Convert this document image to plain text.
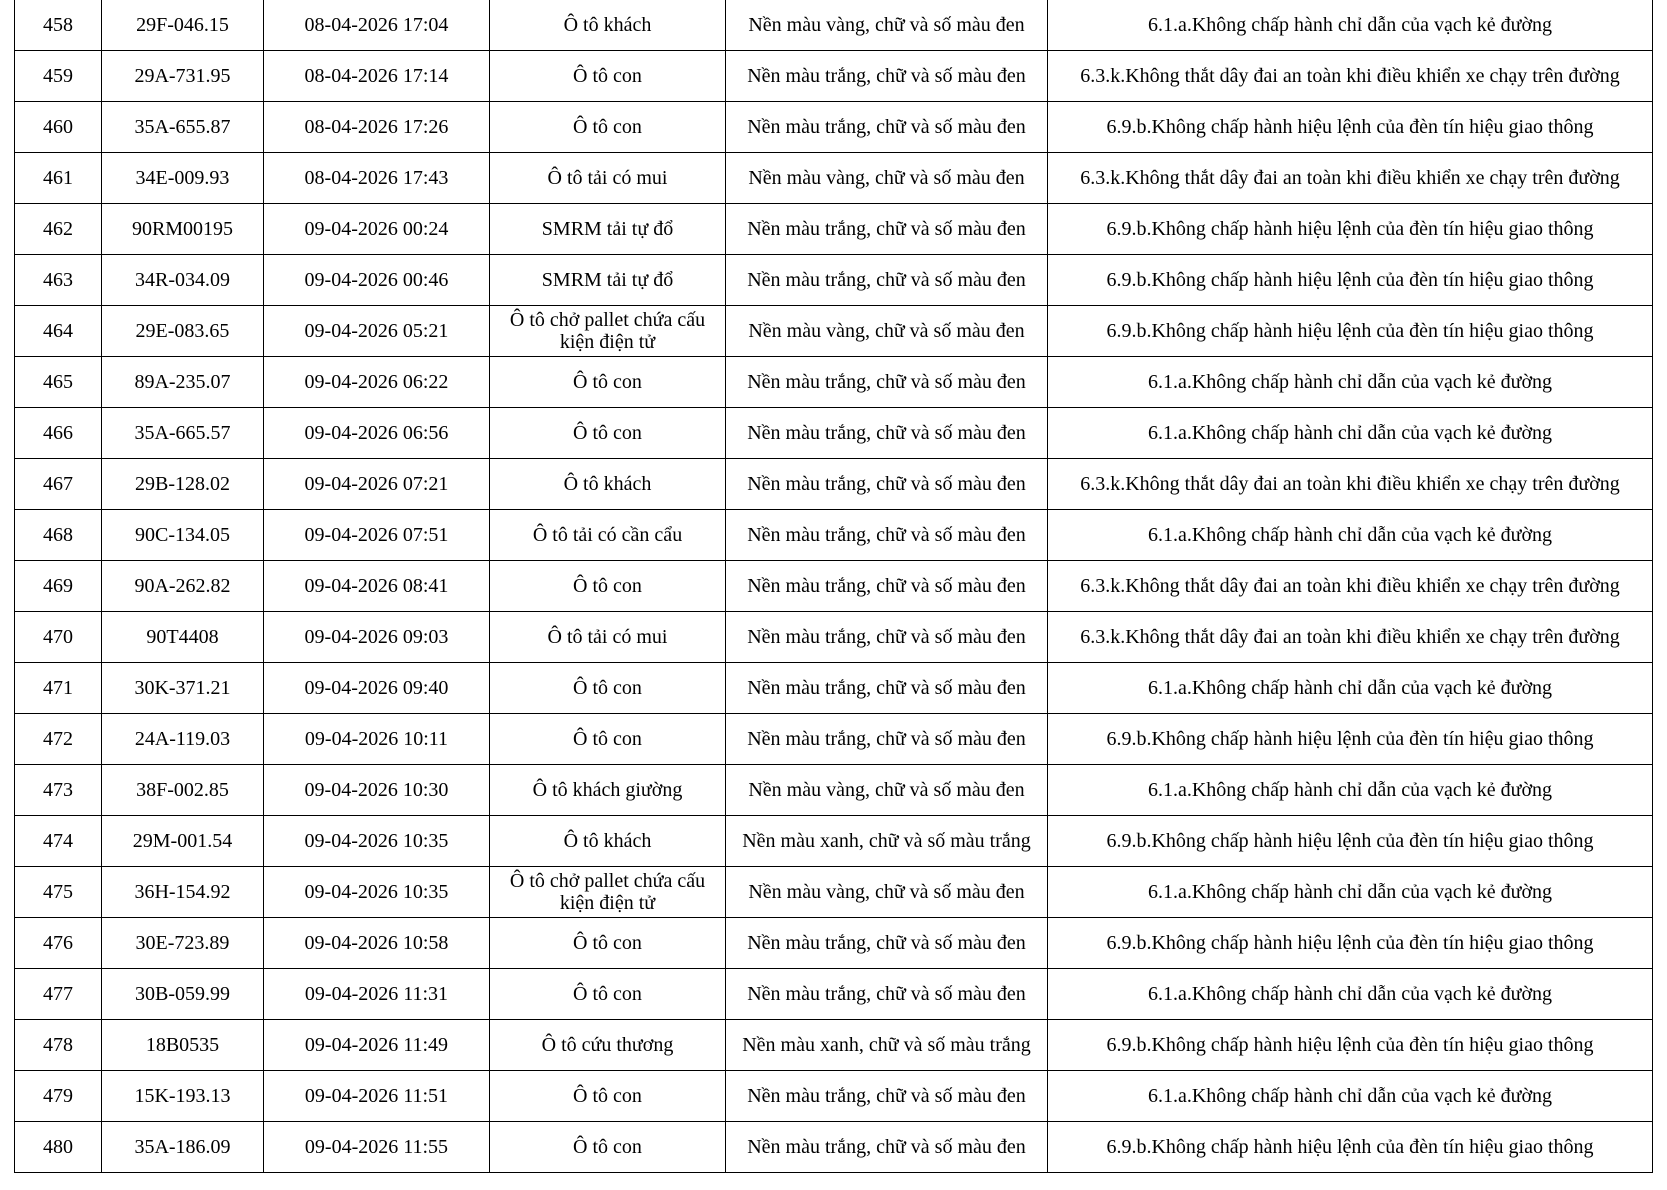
458	29F-046.15	08-04-2026 17:04	Ô tô khách	Nền màu vàng, chữ và số màu đen	6.1.a.Không chấp hành chỉ dẫn của vạch kẻ đường
459	29A-731.95	08-04-2026 17:14	Ô tô con	Nền màu trắng, chữ và số màu đen	6.3.k.Không thắt dây đai an toàn khi điều khiển xe chạy trên đường
460	35A-655.87	08-04-2026 17:26	Ô tô con	Nền màu trắng, chữ và số màu đen	6.9.b.Không chấp hành hiệu lệnh của đèn tín hiệu giao thông
461	34E-009.93	08-04-2026 17:43	Ô tô tải có mui	Nền màu vàng, chữ và số màu đen	6.3.k.Không thắt dây đai an toàn khi điều khiển xe chạy trên đường
462	90RM00195	09-04-2026 00:24	SMRM tải tự đổ	Nền màu trắng, chữ và số màu đen	6.9.b.Không chấp hành hiệu lệnh của đèn tín hiệu giao thông
463	34R-034.09	09-04-2026 00:46	SMRM tải tự đổ	Nền màu trắng, chữ và số màu đen	6.9.b.Không chấp hành hiệu lệnh của đèn tín hiệu giao thông
464	29E-083.65	09-04-2026 05:21	Ô tô chở pallet chứa cấu kiện điện tử	Nền màu vàng, chữ và số màu đen	6.9.b.Không chấp hành hiệu lệnh của đèn tín hiệu giao thông
465	89A-235.07	09-04-2026 06:22	Ô tô con	Nền màu trắng, chữ và số màu đen	6.1.a.Không chấp hành chỉ dẫn của vạch kẻ đường
466	35A-665.57	09-04-2026 06:56	Ô tô con	Nền màu trắng, chữ và số màu đen	6.1.a.Không chấp hành chỉ dẫn của vạch kẻ đường
467	29B-128.02	09-04-2026 07:21	Ô tô khách	Nền màu trắng, chữ và số màu đen	6.3.k.Không thắt dây đai an toàn khi điều khiển xe chạy trên đường
468	90C-134.05	09-04-2026 07:51	Ô tô tải có cần cẩu	Nền màu trắng, chữ và số màu đen	6.1.a.Không chấp hành chỉ dẫn của vạch kẻ đường
469	90A-262.82	09-04-2026 08:41	Ô tô con	Nền màu trắng, chữ và số màu đen	6.3.k.Không thắt dây đai an toàn khi điều khiển xe chạy trên đường
470	90T4408	09-04-2026 09:03	Ô tô tải có mui	Nền màu trắng, chữ và số màu đen	6.3.k.Không thắt dây đai an toàn khi điều khiển xe chạy trên đường
471	30K-371.21	09-04-2026 09:40	Ô tô con	Nền màu trắng, chữ và số màu đen	6.1.a.Không chấp hành chỉ dẫn của vạch kẻ đường
472	24A-119.03	09-04-2026 10:11	Ô tô con	Nền màu trắng, chữ và số màu đen	6.9.b.Không chấp hành hiệu lệnh của đèn tín hiệu giao thông
473	38F-002.85	09-04-2026 10:30	Ô tô khách giường	Nền màu vàng, chữ và số màu đen	6.1.a.Không chấp hành chỉ dẫn của vạch kẻ đường
474	29M-001.54	09-04-2026 10:35	Ô tô khách	Nền màu xanh, chữ và số màu trắng	6.9.b.Không chấp hành hiệu lệnh của đèn tín hiệu giao thông
475	36H-154.92	09-04-2026 10:35	Ô tô chở pallet chứa cấu kiện điện tử	Nền màu vàng, chữ và số màu đen	6.1.a.Không chấp hành chỉ dẫn của vạch kẻ đường
476	30E-723.89	09-04-2026 10:58	Ô tô con	Nền màu trắng, chữ và số màu đen	6.9.b.Không chấp hành hiệu lệnh của đèn tín hiệu giao thông
477	30B-059.99	09-04-2026 11:31	Ô tô con	Nền màu trắng, chữ và số màu đen	6.1.a.Không chấp hành chỉ dẫn của vạch kẻ đường
478	18B0535	09-04-2026 11:49	Ô tô cứu thương	Nền màu xanh, chữ và số màu trắng	6.9.b.Không chấp hành hiệu lệnh của đèn tín hiệu giao thông
479	15K-193.13	09-04-2026 11:51	Ô tô con	Nền màu trắng, chữ và số màu đen	6.1.a.Không chấp hành chỉ dẫn của vạch kẻ đường
480	35A-186.09	09-04-2026 11:55	Ô tô con	Nền màu trắng, chữ và số màu đen	6.9.b.Không chấp hành hiệu lệnh của đèn tín hiệu giao thông
